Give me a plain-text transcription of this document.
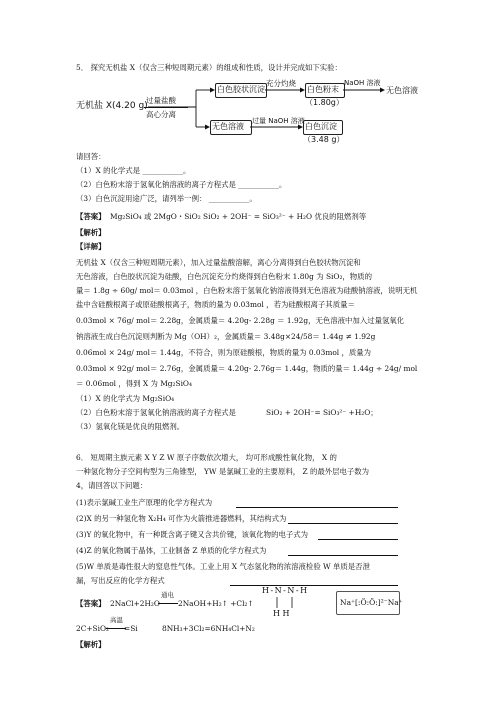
5． 探究无机盐 X（仅含三种短周期元素）的组成和性质，设计并完成如下实验：
无机盐 X(4.20 g)
过量盐酸
高心分离
白色胶状沉淀
充分灼烧
白色粉末
（1.80g）
NaOH 溶液
无色溶液
无色溶液
过量 NaOH 溶液
白色沉淀
（3.48 g）
请回答：
（1）X 的化学式是 ___________。
（2）白色粉末溶于氢氧化钠溶液的离子方程式是 ___________。
（3）白色沉淀用途广泛，请列举一例： ___________。
【答案】 Mg₂SiO₄ 或 2MgO・SiO₂ SiO₂ + 2OH⁻ = SiO₃²⁻ + H₂O 优良的阻燃剂等
【解析】
【详解】
无机盐 X（仅含三种短周期元素），加入过量盐酸溶解，离心分离得到白色胶状物沉淀和
无色溶液，白色胶状沉淀为硅酸，白色沉淀充分灼烧得到白色粉末 1.80g 为 SiO₂，物质的
量＝ 1.8g ÷ 60g/ mol＝ 0.03mol ，白色粉末溶于氢氧化钠溶液得到无色溶液为硅酸钠溶液，说明无机
盐中含硅酸根离子或原硅酸根离子，物质的量为 0.03mol ，若为硅酸根离子其质量＝
0.03mol × 76g/ mol＝ 2.28g，金属质量＝ 4.20g- 2.28g ＝ 1.92g，无色溶液中加入过量氢氧化
钠溶液生成白色沉淀则判断为 Mg（OH）₂，金属质量＝ 3.48g×24/58＝ 1.44g ≠ 1.92g
0.06mol × 24g/ mol＝ 1.44g，不符合，则为原硅酸根，物质的量为 0.03mol ，质量为
0.03mol × 92g/ mol＝ 2.76g，金属质量＝ 4.20g- 2.76g＝ 1.44g，物质的量＝ 1.44g ÷ 24g/ mol
＝ 0.06mol ，得到 X 为 Mg₂SiO₄
（1）X 的化学式为 Mg₂SiO₄
（2）白色粉末溶于氢氧化钠溶液的离子方程式是	SiO₂ + 2OH⁻= SiO₃²⁻ +H₂O；
（3）氢氧化镁是优良的阻燃剂。
6． 短周期主族元素 X Y Z W 原子序数依次增大， 均可形成酸性氧化物， X 的
一种氢化物分子空间构型为三角锥型， YW 是氯碱工业的主要原料， Z 的最外层电子数为
4，请回答以下问题：
(1)表示氯碱工业生产原理的化学方程式为
(2)X 的另一种氢化物 X₂H₄ 可作为火箭推进器燃料，其结构式为
(3)Y 的氧化物中，有一种既含离子键又含共价键，该氧化物的电子式为
(4)Z 的氧化物属于晶体，工业制备 Z 单质的化学方程式为
(5)W 单质是毒性很大的窒息性气体。工业上用 X 气态氢化物的浓溶液检验 W 单质是否泄
漏，写出反应的化学方程式
【答案】 2NaCl+2H₂O
通电
2NaOH+H₂↑ +Cl₂↑
H-N-N-H
H H
Na⁺[:Ö:Ö:]²⁻Na⁺
2C+SiO₂
高温
=Si	8NH₃+3Cl₂=6NH₄Cl+N₂
【解析】
